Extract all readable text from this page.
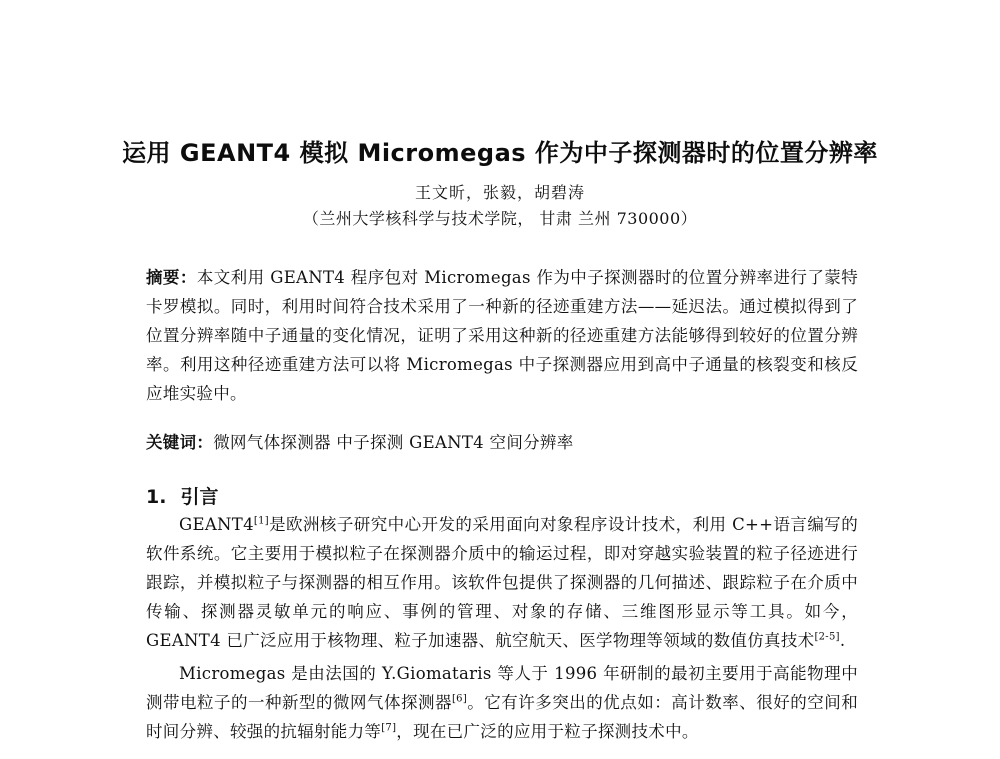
运用 GEANT4 模拟 Micromegas 作为中子探测器时的位置分辨率
王文昕，张毅，胡碧涛
（兰州大学核科学与技术学院， 甘肃 兰州 730000）
摘要：本文利用 GEANT4 程序包对 Micromegas 作为中子探测器时的位置分辨率进行了蒙特卡罗模拟。同时，利用时间符合技术采用了一种新的径迹重建方法——延迟法。通过模拟得到了位置分辨率随中子通量的变化情况，证明了采用这种新的径迹重建方法能够得到较好的位置分辨率。利用这种径迹重建方法可以将 Micromegas 中子探测器应用到高中子通量的核裂变和核反应堆实验中。
关键词：微网气体探测器 中子探测 GEANT4 空间分辨率
1. 引言

GEANT4[1]是欧洲核子研究中心开发的采用面向对象程序设计技术，利用 C++语言编写的软件系统。它主要用于模拟粒子在探测器介质中的输运过程，即对穿越实验装置的粒子径迹进行跟踪，并模拟粒子与探测器的相互作用。该软件包提供了探测器的几何描述、跟踪粒子在介质中传输、探测器灵敏单元的响应、事例的管理、对象的存储、三维图形显示等工具。如今，GEANT4 已广泛应用于核物理、粒子加速器、航空航天、医学物理等领域的数值仿真技术[2-5].

Micromegas 是由法国的 Y.Giomataris 等人于 1996 年研制的最初主要用于高能物理中测带电粒子的一种新型的微网气体探测器[6]。它有许多突出的优点如：高计数率、很好的空间和时间分辨、较强的抗辐射能力等[7]，现在已广泛的应用于粒子探测技术中。
